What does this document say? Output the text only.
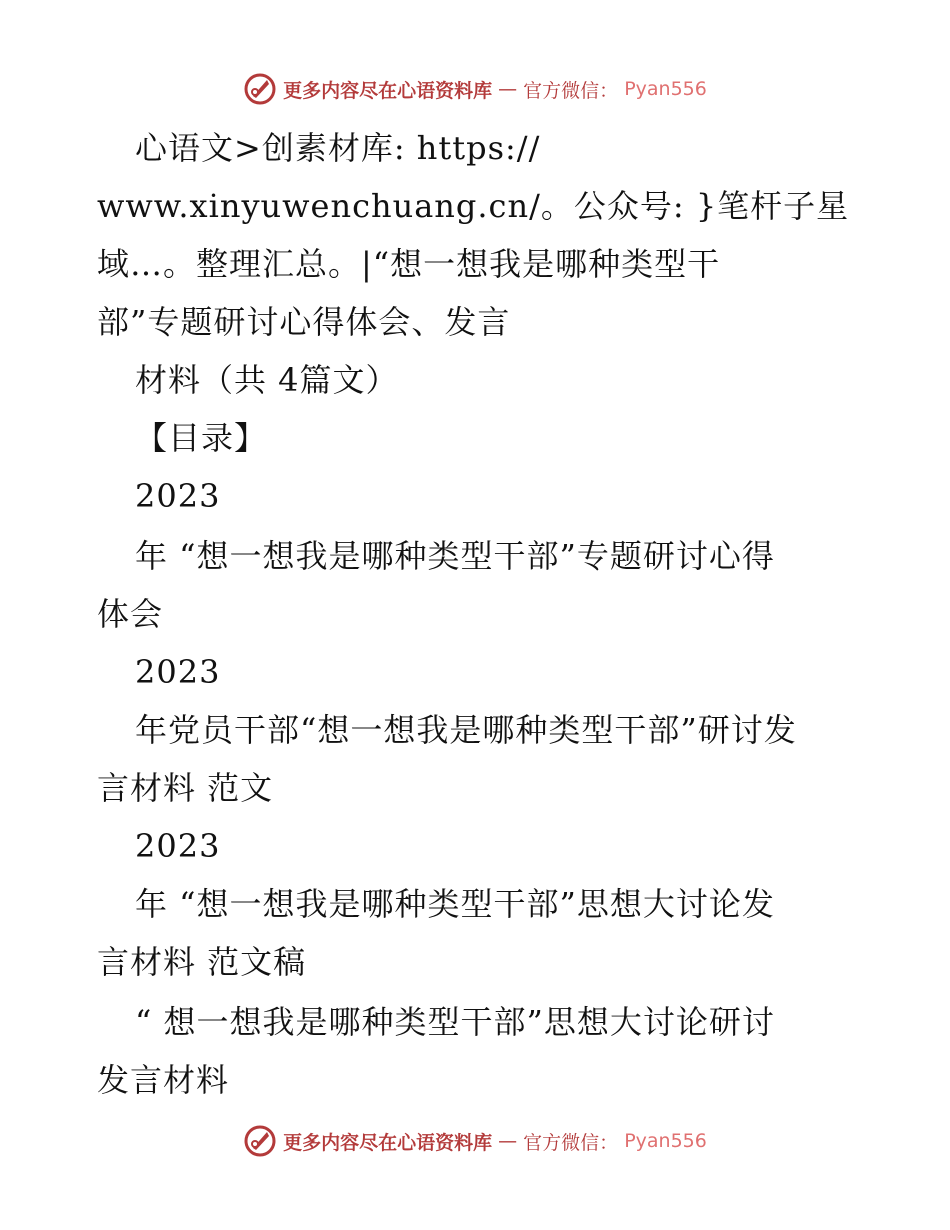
更多内容尽在心语资料库 — 官方微信： Pyan556
心语文>创素材库: https://
www.xinyuwenchuang.cn/。公众号: }笔杆子星
域…。整理汇总。|“想一想我是哪种类型干
部”专题研讨心得体会、发言
材料（共 4篇文）
【目录】
2023
年 “想一想我是哪种类型干部”专题研讨心得
体会
2023
年党员干部“想一想我是哪种类型干部”研讨发
言材料 范文
2023
年 “想一想我是哪种类型干部”思想大讨论发
言材料 范文稿
“ 想一想我是哪种类型干部”思想大讨论研讨
发言材料
更多内容尽在心语资料库 — 官方微信： Pyan556
